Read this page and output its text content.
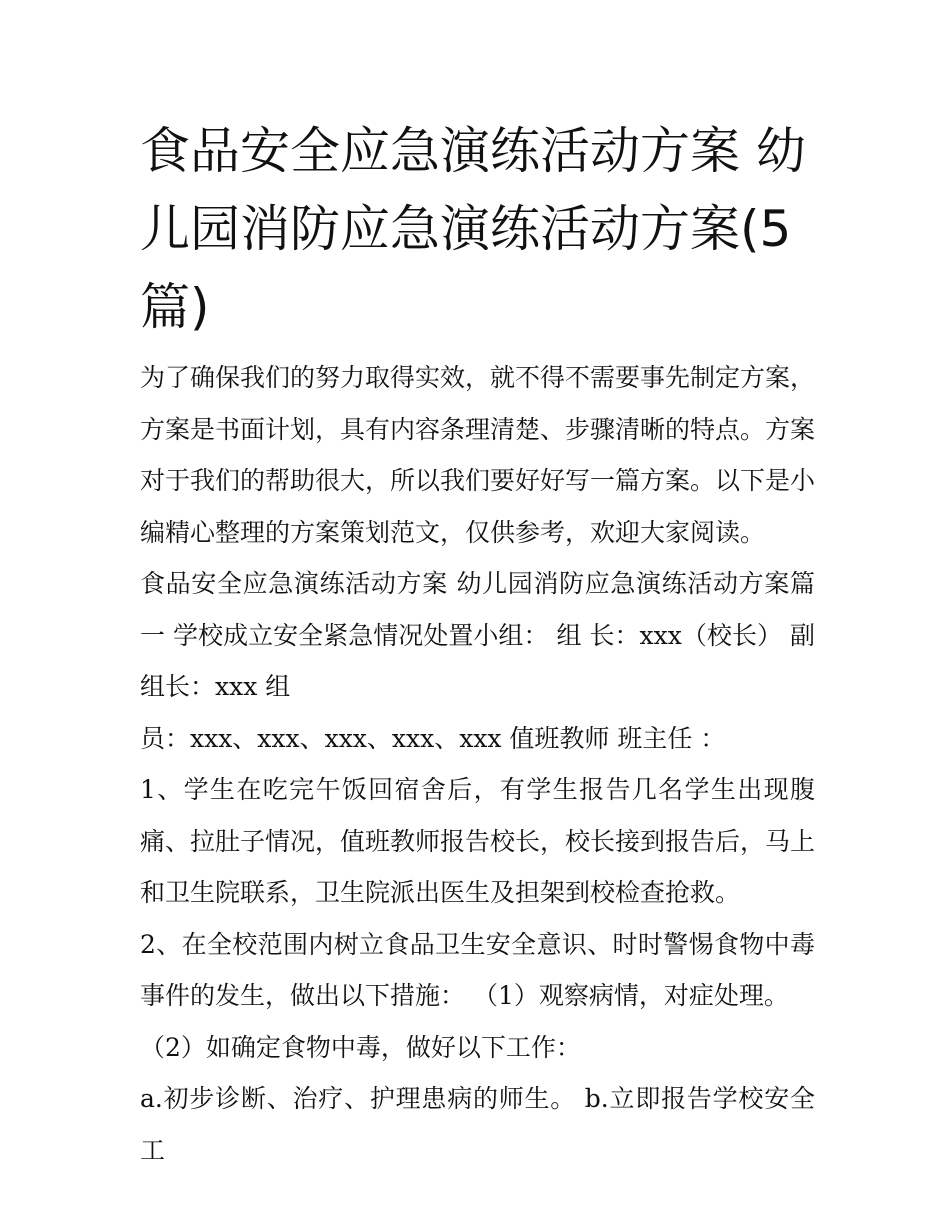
食品安全应急演练活动方案 幼儿园消防应急演练活动方案(5篇)

为了确保我们的努力取得实效，就不得不需要事先制定方案，方案是书面计划，具有内容条理清楚、步骤清晰的特点。方案对于我们的帮助很大，所以我们要好好写一篇方案。以下是小编精心整理的方案策划范文，仅供参考，欢迎大家阅读。

食品安全应急演练活动方案 幼儿园消防应急演练活动方案篇一 学校成立安全紧急情况处置小组： 组 长：xxx（校长） 副组长：xxx 组

员：xxx、xxx、xxx、xxx、xxx 值班教师 班主任 ：

1、学生在吃完午饭回宿舍后，有学生报告几名学生出现腹痛、拉肚子情况，值班教师报告校长，校长接到报告后，马上和卫生院联系，卫生院派出医生及担架到校检查抢救。

2、在全校范围内树立食品卫生安全意识、时时警惕食物中毒事件的发生，做出以下措施： （1）观察病情，对症处理。

（2）如确定食物中毒，做好以下工作：

a.初步诊断、治疗、护理患病的师生。 b.立即报告学校安全工
